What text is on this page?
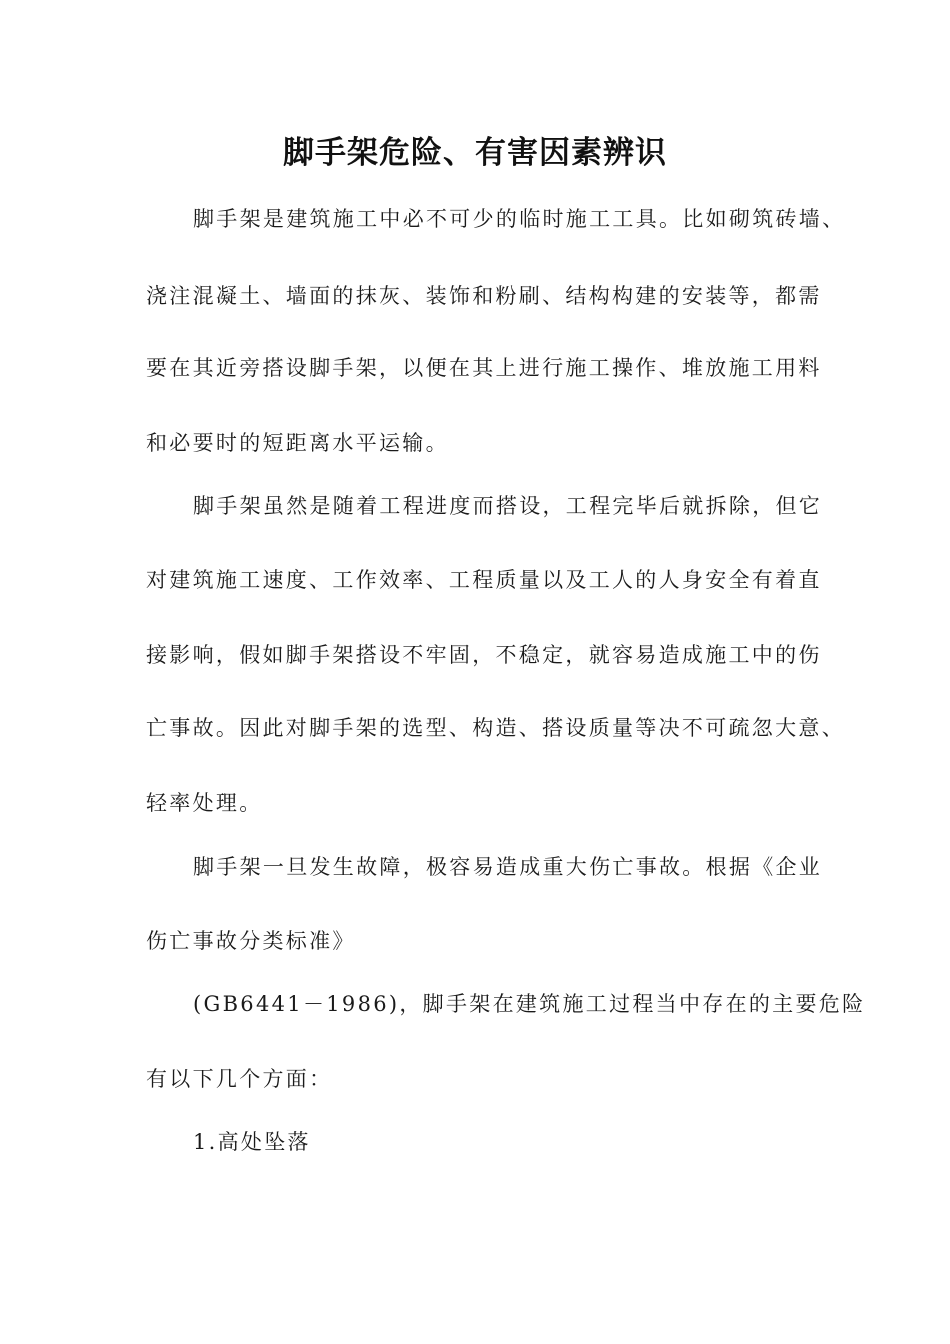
脚手架危险、有害因素辨识
脚手架是建筑施工中必不可少的临时施工工具。比如砌筑砖墙、
浇注混凝土、墙面的抹灰、装饰和粉刷、结构构建的安装等，都需
要在其近旁搭设脚手架，以便在其上进行施工操作、堆放施工用料
和必要时的短距离水平运输。
脚手架虽然是随着工程进度而搭设，工程完毕后就拆除，但它
对建筑施工速度、工作效率、工程质量以及工人的人身安全有着直
接影响，假如脚手架搭设不牢固，不稳定，就容易造成施工中的伤
亡事故。因此对脚手架的选型、构造、搭设质量等决不可疏忽大意、
轻率处理。
脚手架一旦发生故障，极容易造成重大伤亡事故。根据《企业
伤亡事故分类标准》
(GB6441－1986)，脚手架在建筑施工过程当中存在的主要危险
有以下几个方面：
1.高处坠落
